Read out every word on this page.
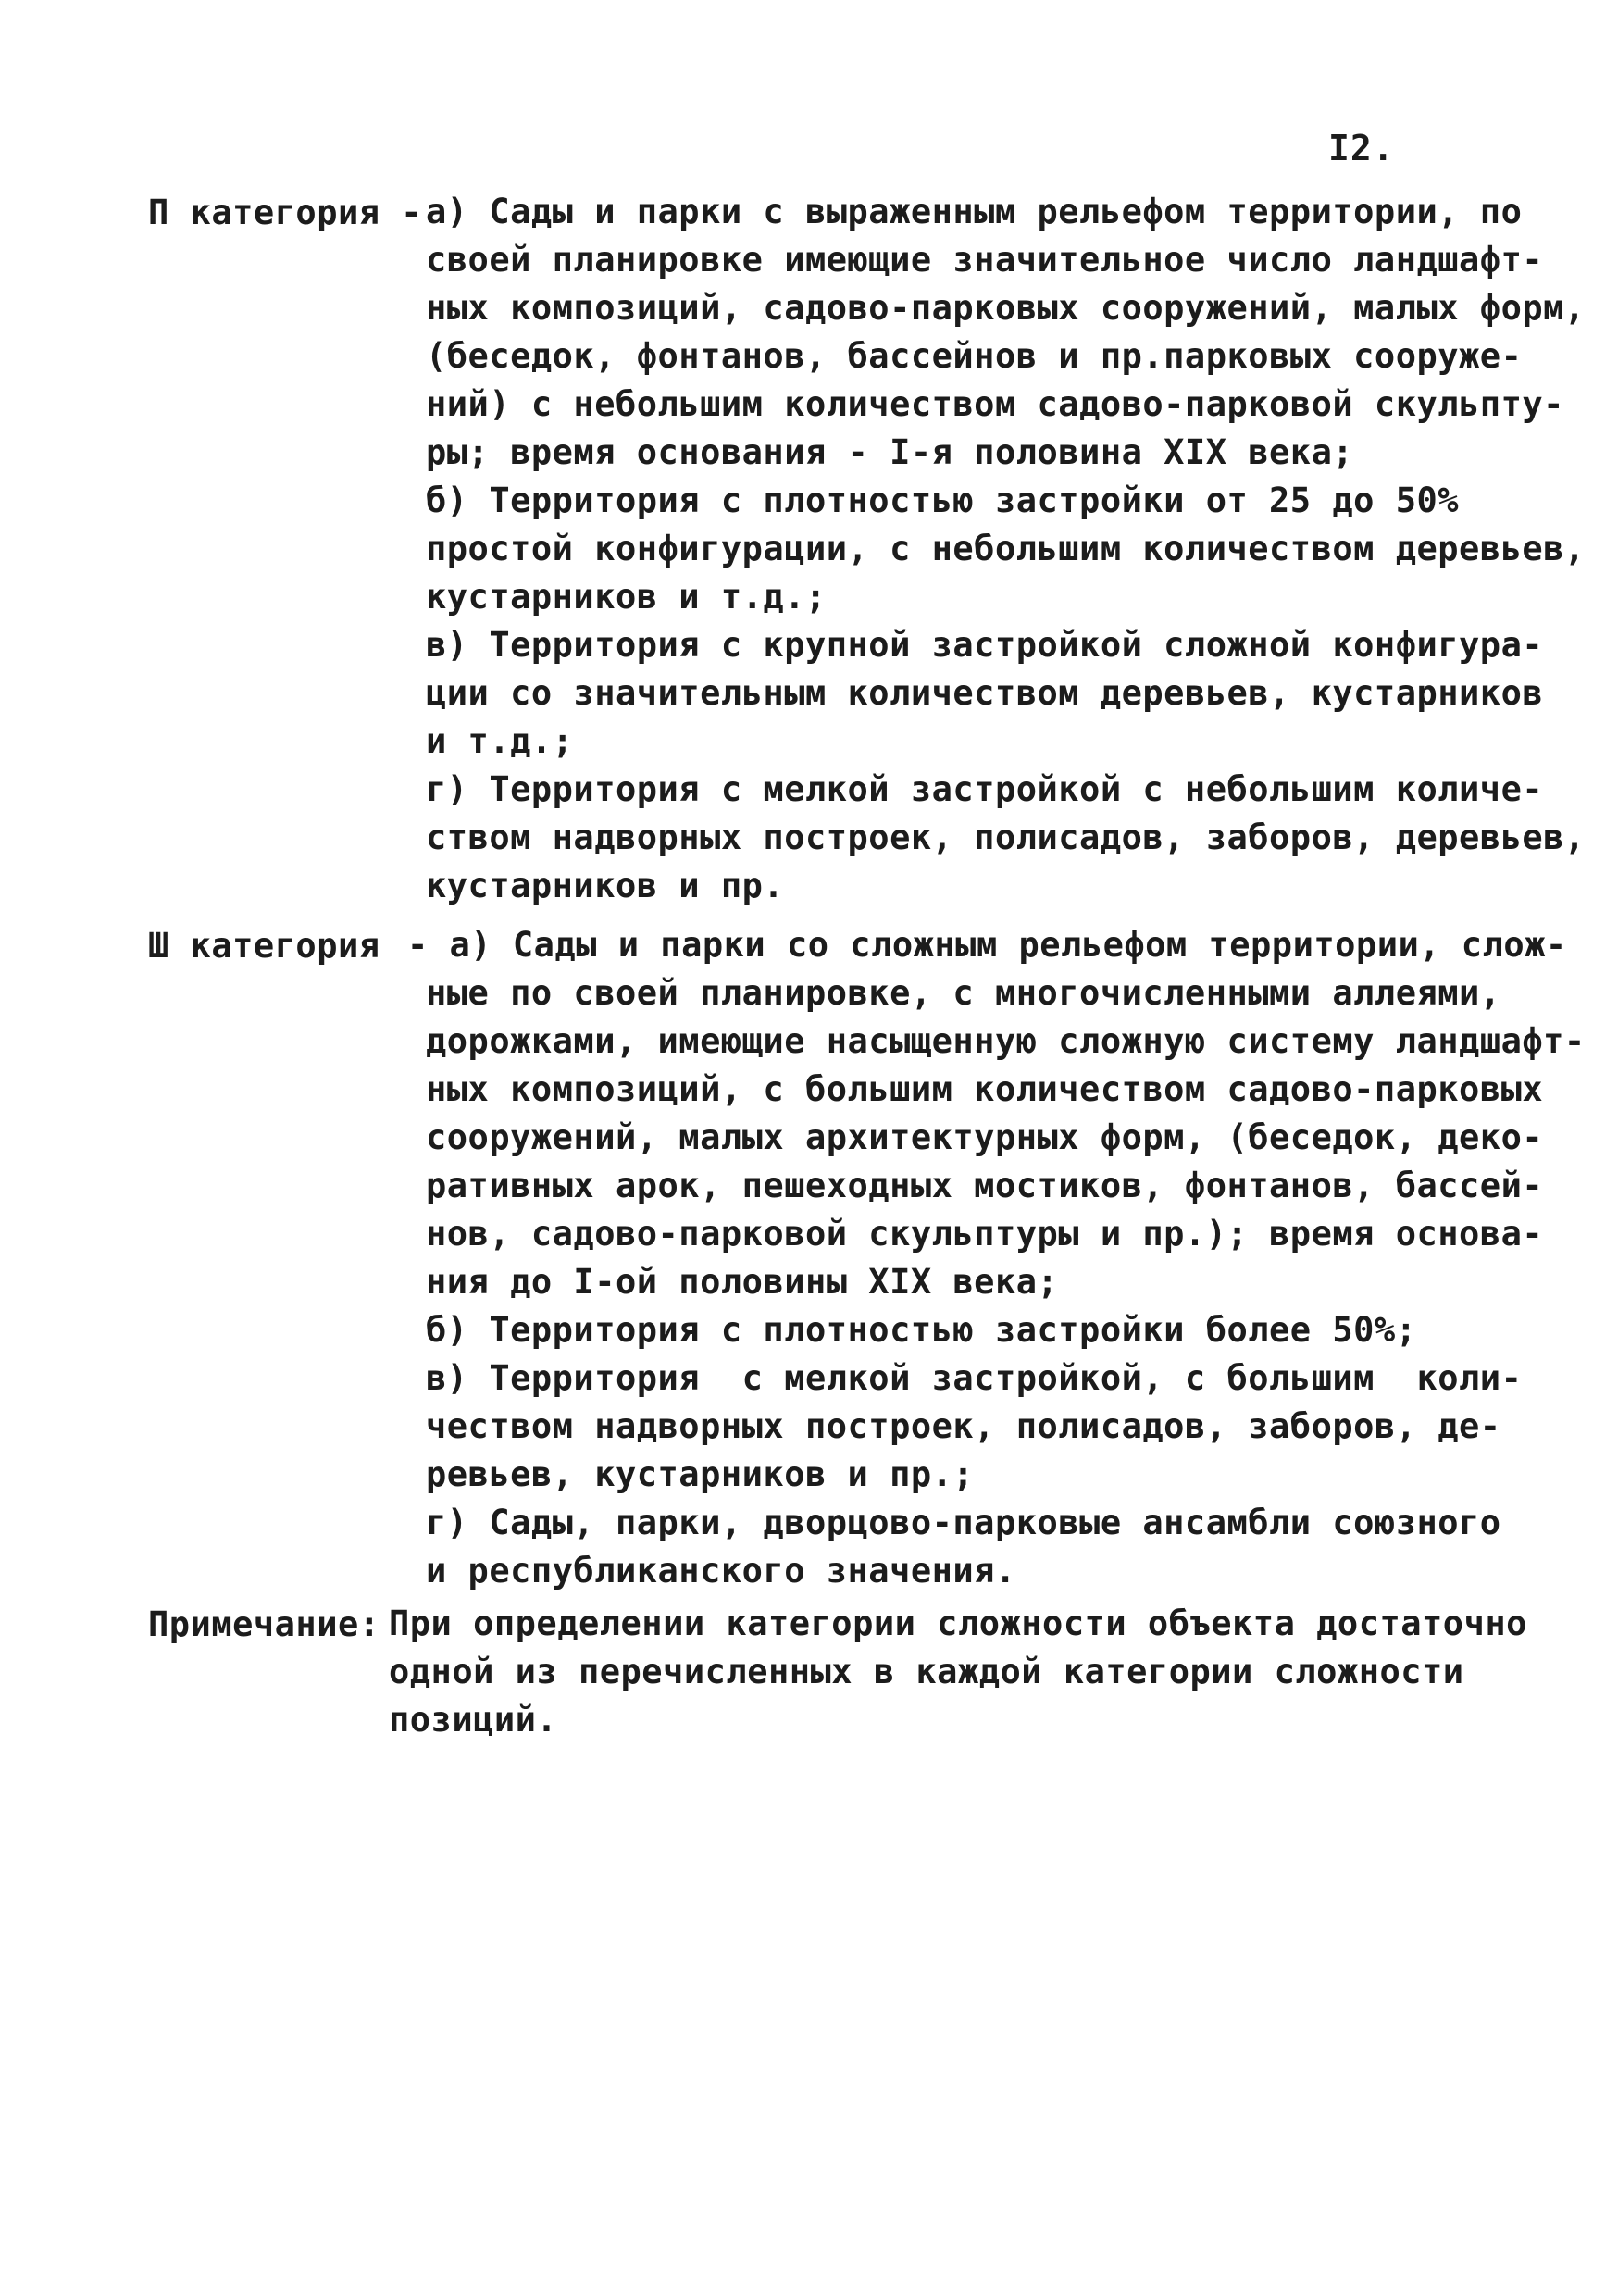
I2.
П категория -
а) Сады и парки с выраженным рельефом территории, по
своей планировке имеющие значительное число ландшафт-
ных композиций, садово-парковых сооружений, малых форм,
(беседок, фонтанов, бассейнов и пр.парковых сооруже-
ний) с небольшим количеством садово-парковой скульпту-
ры; время основания - I-я половина XIX века;
б) Территория с плотностью застройки от 25 до 50%
простой конфигурации, с небольшим количеством деревьев,
кустарников и т.д.;
в) Территория с крупной застройкой сложной конфигура-
ции со значительным количеством деревьев, кустарников
и т.д.;
г) Территория с мелкой застройкой с небольшим количе-
ством надворных построек, полисадов, заборов, деревьев,
кустарников и пр.
Ш категория - а) Сады и парки со сложным рельефом территории, слож-
ные по своей планировке, с многочисленными аллеями,
дорожками, имеющие насыщенную сложную систему ландшафт-
ных композиций, с большим количеством садово-парковых
сооружений, малых архитектурных форм, (беседок, деко-
ративных арок, пешеходных мостиков, фонтанов, бассей-
нов, садово-парковой скульптуры и пр.); время основа-
ния до I-ой половины XIX века;
б) Территория с плотностью застройки более 50%;
в) Территория  с мелкой застройкой, с большим  коли-
чеством надворных построек, полисадов, заборов, де-
ревьев, кустарников и пр.;
г) Сады, парки, дворцово-парковые ансамбли союзного
и республиканского значения.
Примечание:
При определении категории сложности объекта достаточно
одной из перечисленных в каждой категории сложности
позиций.
